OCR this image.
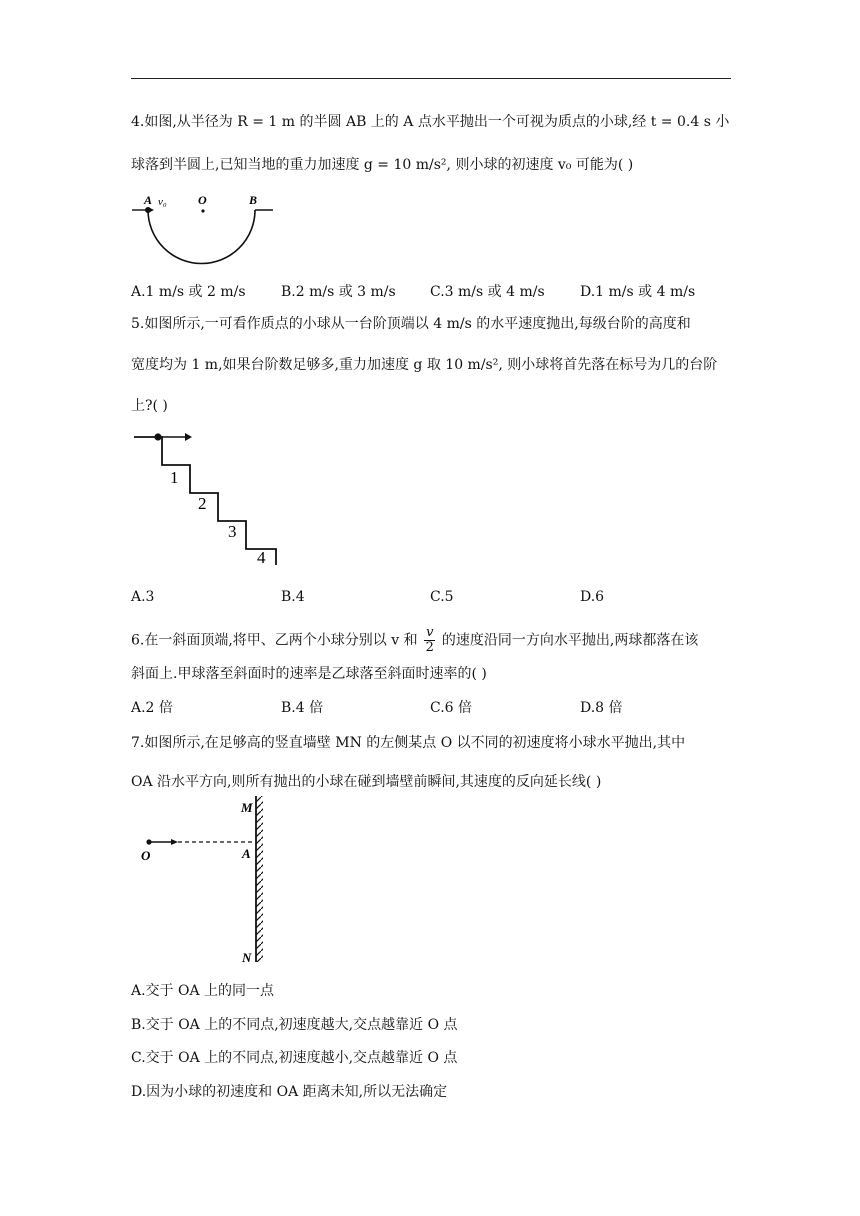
4.如图,从半径为 R = 1 m 的半圆 AB 上的 A 点水平抛出一个可视为质点的小球,经 t = 0.4 s 小
球落到半圆上,已知当地的重力加速度 g = 10 m/s², 则小球的初速度 v₀ 可能为( )
A v₀	O	B
A.1 m/s 或 2 m/s	B.2 m/s 或 3 m/s C.3 m/s 或 4 m/s	D.1 m/s 或 4 m/s
5.如图所示,一可看作质点的小球从一台阶顶端以 4 m/s 的水平速度抛出,每级台阶的高度和
宽度均为 1 m,如果台阶数足够多,重力加速度 g 取 10 m/s², 则小球将首先落在标号为几的台阶
上?( )
1
2
3
4
A.3	B.4	C.5	D.6
6.在一斜面顶端,将甲、乙两个小球分别以 v 和 $\frac{v}{2}$ 的速度沿同一方向水平抛出,两球都落在该
斜面上.甲球落至斜面时的速率是乙球落至斜面时速率的( )
A.2 倍	B.4 倍	C.6 倍	D.8 倍
7.如图所示,在足够高的竖直墙壁 MN 的左侧某点 O 以不同的初速度将小球水平抛出,其中
OA 沿水平方向,则所有抛出的小球在碰到墙壁前瞬间,其速度的反向延长线( )
M
O	A
N
A.交于 OA 上的同一点
B.交于 OA 上的不同点,初速度越大,交点越靠近 O 点
C.交于 OA 上的不同点,初速度越小,交点越靠近 O 点
D.因为小球的初速度和 OA 距离未知,所以无法确定
